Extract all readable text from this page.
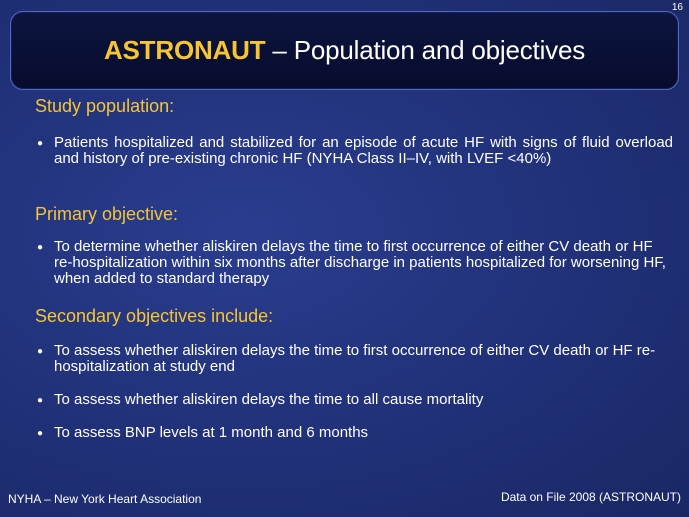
16
ASTRONAUT – Population and objectives
Study population:
● Patients hospitalized and stabilized for an episode of acute HF with signs of fluid overload and history of pre-existing chronic HF (NYHA Class II–IV, with LVEF <40%)
Primary objective:
● To determine whether aliskiren delays the time to first occurrence of either CV death or HF re-hospitalization within six months after discharge in patients hospitalized for worsening HF, when added to standard therapy
Secondary objectives include:
● To assess whether aliskiren delays the time to first occurrence of either CV death or HF re-hospitalization at study end
● To assess whether aliskiren delays the time to all cause mortality
● To assess BNP levels at 1 month and 6 months
NYHA – New York Heart Association	Data on File 2008 (ASTRONAUT)
